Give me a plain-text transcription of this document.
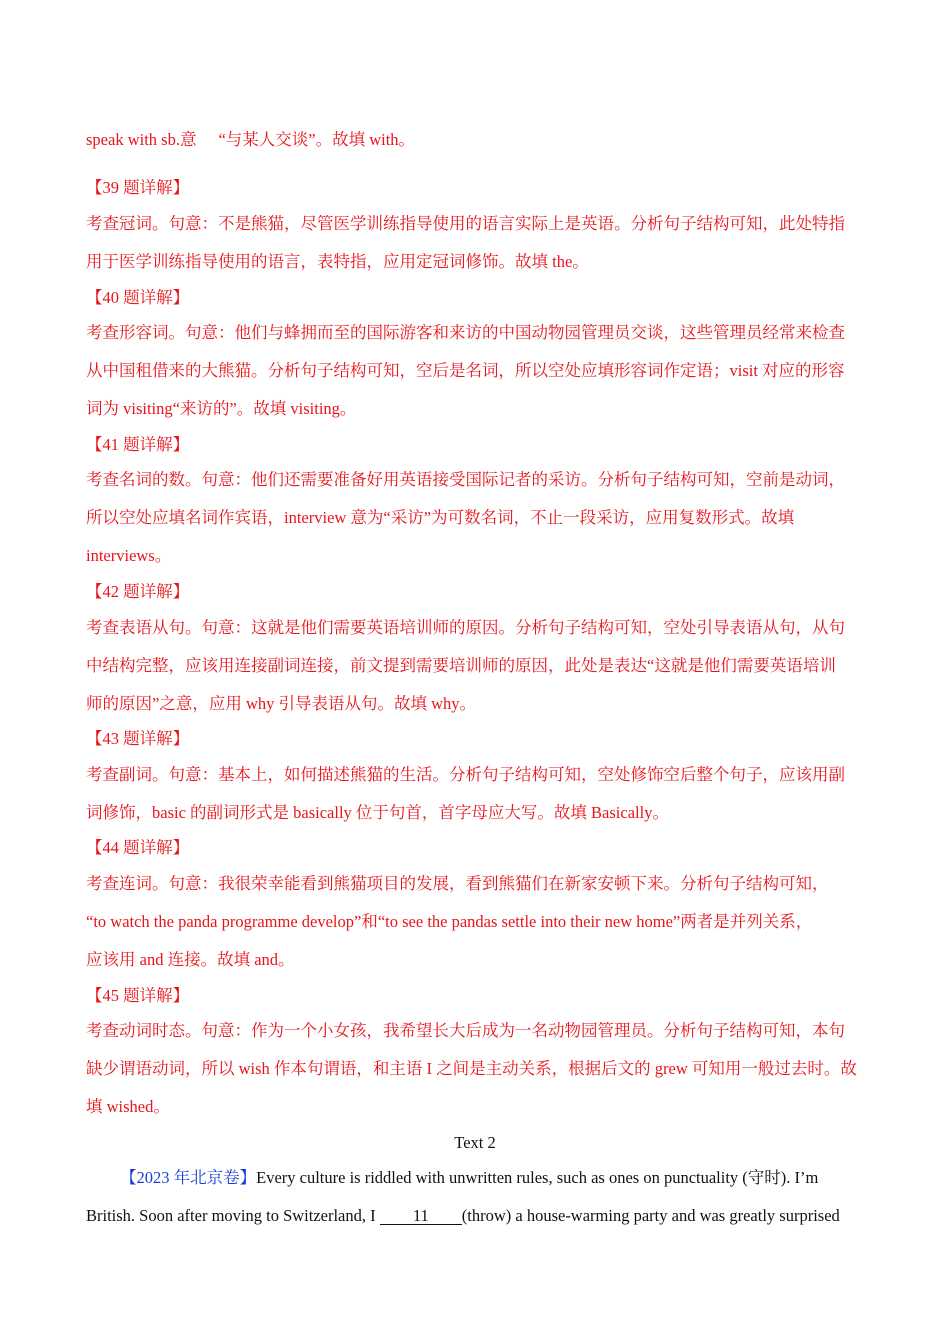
speak with sb.意 “与某人交谈”。故填 with。
【39 题详解】
考查冠词。句意：不是熊猫，尽管医学训练指导使用的语言实际上是英语。分析句子结构可知，此处特指
用于医学训练指导使用的语言，表特指，应用定冠词修饰。故填 the。
【40 题详解】
考查形容词。句意：他们与蜂拥而至的国际游客和来访的中国动物园管理员交谈，这些管理员经常来检查
从中国租借来的大熊猫。分析句子结构可知，空后是名词，所以空处应填形容词作定语；visit 对应的形容
词为 visiting“来访的”。故填 visiting。
【41 题详解】
考查名词的数。句意：他们还需要准备好用英语接受国际记者的采访。分析句子结构可知，空前是动词，
所以空处应填名词作宾语，interview 意为“采访”为可数名词，不止一段采访，应用复数形式。故填
interviews。
【42 题详解】
考查表语从句。句意：这就是他们需要英语培训师的原因。分析句子结构可知，空处引导表语从句，从句
中结构完整，应该用连接副词连接，前文提到需要培训师的原因，此处是表达“这就是他们需要英语培训
师的原因”之意，应用 why 引导表语从句。故填 why。
【43 题详解】
考查副词。句意：基本上，如何描述熊猫的生活。分析句子结构可知，空处修饰空后整个句子，应该用副
词修饰，basic 的副词形式是 basically 位于句首，首字母应大写。故填 Basically。
【44 题详解】
考查连词。句意：我很荣幸能看到熊猫项目的发展，看到熊猫们在新家安顿下来。分析句子结构可知，
“to watch the panda programme develop”和“to see the pandas settle into their new home”两者是并列关系，
应该用 and 连接。故填 and。
【45 题详解】
考查动词时态。句意：作为一个小女孩，我希望长大后成为一名动物园管理员。分析句子结构可知，本句
缺少谓语动词，所以 wish 作本句谓语，和主语 I 之间是主动关系，根据后文的 grew 可知用一般过去时。故
填 wished。
Text 2
【2023 年北京卷】Every culture is riddled with unwritten rules, such as ones on punctuality (守时). I’m
British. Soon after moving to Switzerland, I 11 (throw) a house-warming party and was greatly surprised
